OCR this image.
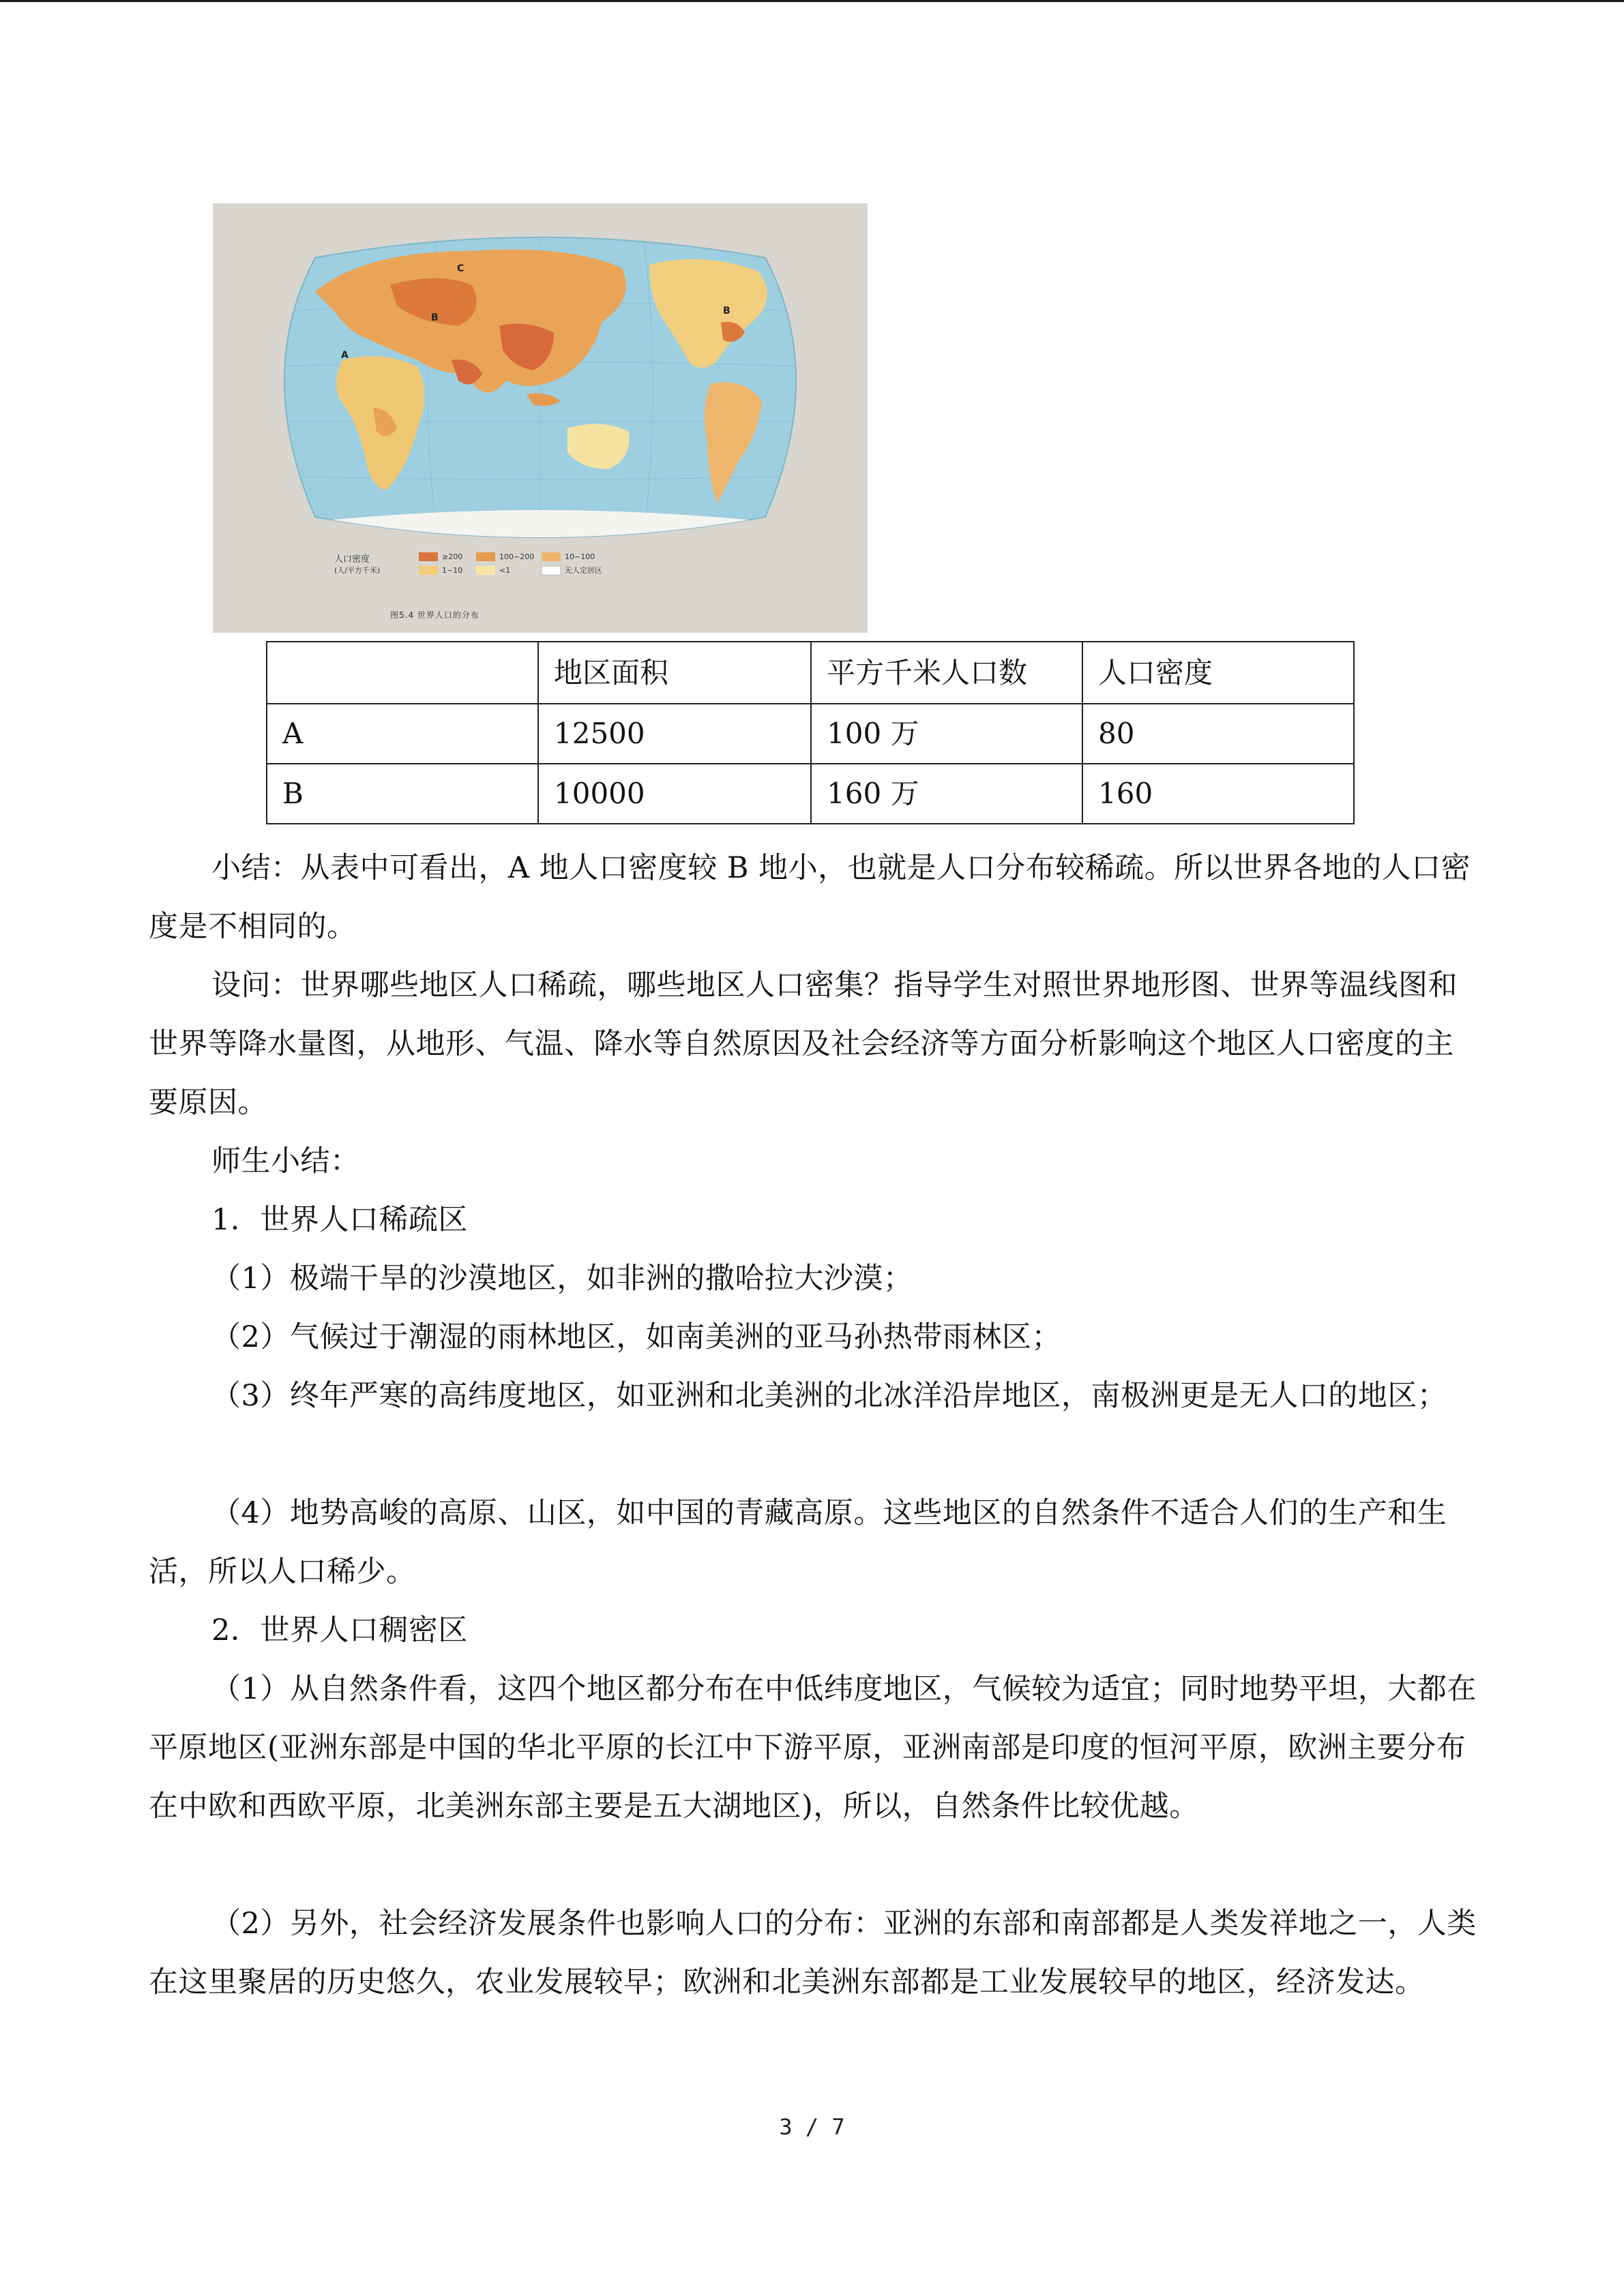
人口密度
(人/平方千米)
≥200	100~200	10~100
1~10	<1	无人定居区
C
A
B
B
图5.4 世界人口的分布
	地区面积	平方千米人口数	人口密度
A	12500	100 万	80
B	10000	160 万	160

小结：从表中可看出，A 地人口密度较 B 地小，也就是人口分布较稀疏。所以世界各地的人口密度是不相同的。

设问：世界哪些地区人口稀疏，哪些地区人口密集？指导学生对照世界地形图、世界等温线图和世界等降水量图，从地形、气温、降水等自然原因及社会经济等方面分析影响这个地区人口密度的主要原因。

师生小结：

1．世界人口稀疏区

（1）极端干旱的沙漠地区，如非洲的撒哈拉大沙漠；

（2）气候过于潮湿的雨林地区，如南美洲的亚马孙热带雨林区；

（3）终年严寒的高纬度地区，如亚洲和北美洲的北冰洋沿岸地区，南极洲更是无人口的地区；

（4）地势高峻的高原、山区，如中国的青藏高原。这些地区的自然条件不适合人们的生产和生活，所以人口稀少。

2．世界人口稠密区

（1）从自然条件看，这四个地区都分布在中低纬度地区，气候较为适宜；同时地势平坦，大都在平原地区(亚洲东部是中国的华北平原的长江中下游平原，亚洲南部是印度的恒河平原，欧洲主要分布在中欧和西欧平原，北美洲东部主要是五大湖地区)，所以，自然条件比较优越。

（2）另外，社会经济发展条件也影响人口的分布：亚洲的东部和南部都是人类发祥地之一，人类在这里聚居的历史悠久，农业发展较早；欧洲和北美洲东部都是工业发展较早的地区，经济发达。

3 / 7
